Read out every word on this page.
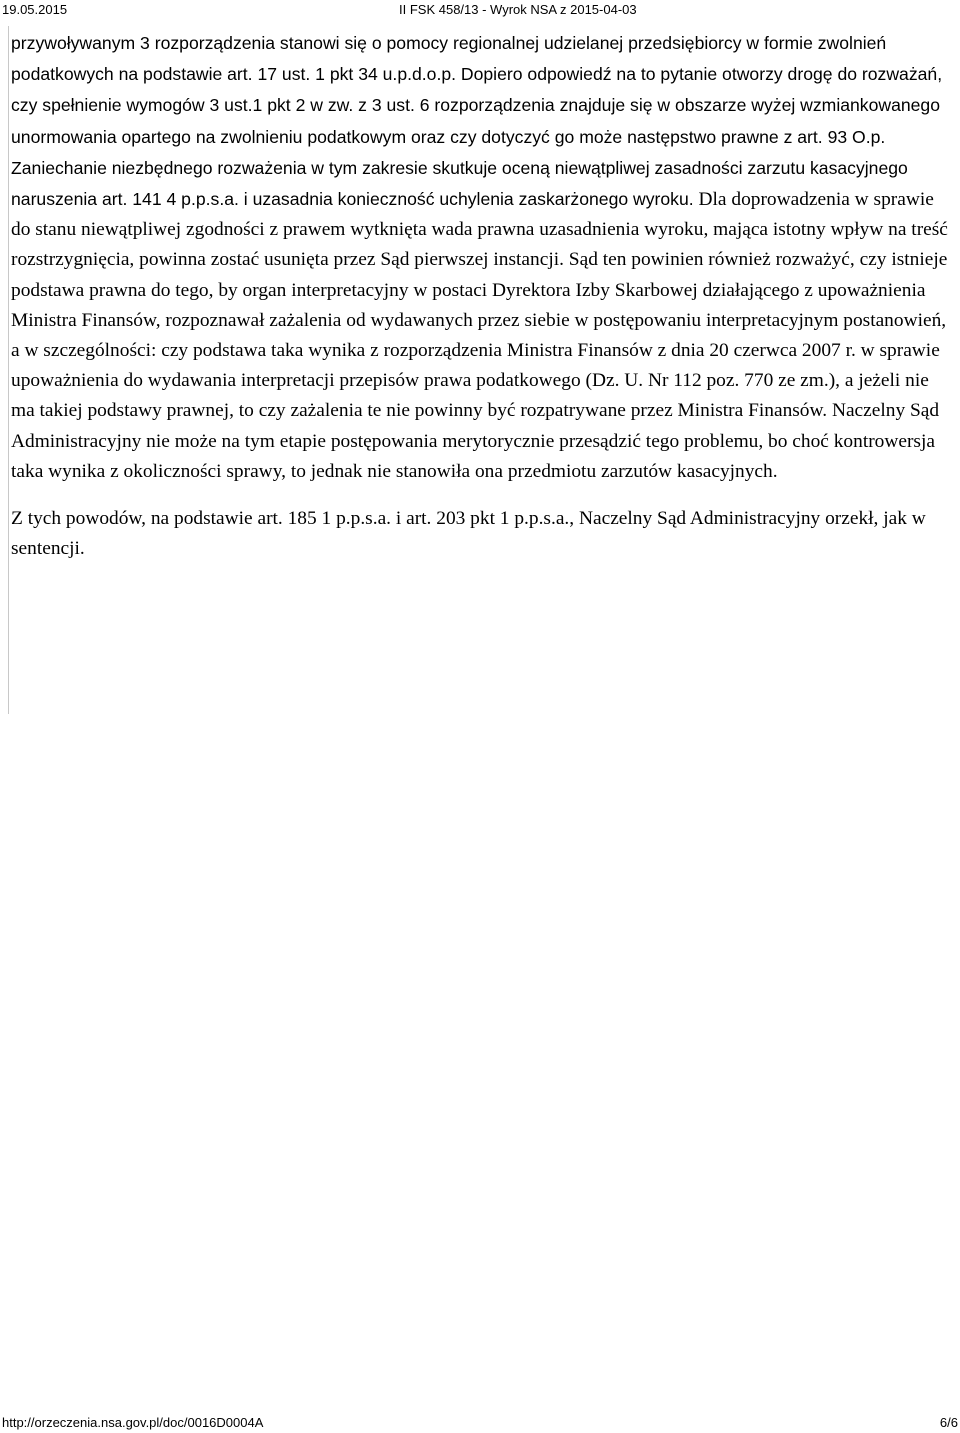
19.05.2015	II FSK 458/13 - Wyrok NSA z 2015-04-03

przywoływanym 3 rozporządzenia stanowi się o pomocy regionalnej udzielanej przedsiębiorcy w formie zwolnień podatkowych na podstawie art. 17 ust. 1 pkt 34 u.p.d.o.p. Dopiero odpowiedź na to pytanie otworzy drogę do rozważań, czy spełnienie wymogów 3 ust.1 pkt 2 w zw. z 3 ust. 6 rozporządzenia znajduje się w obszarze wyżej wzmiankowanego unormowania opartego na zwolnieniu podatkowym oraz czy dotyczyć go może następstwo prawne z art. 93 O.p. Zaniechanie niezbędnego rozważenia w tym zakresie skutkuje oceną niewątpliwej zasadności zarzutu kasacyjnego naruszenia art. 141 4 p.p.s.a. i uzasadnia konieczność uchylenia zaskarżonego wyroku. Dla doprowadzenia w sprawie do stanu niewątpliwej zgodności z prawem wytknięta wada prawna uzasadnienia wyroku, mająca istotny wpływ na treść rozstrzygnięcia, powinna zostać usunięta przez Sąd pierwszej instancji. Sąd ten powinien również rozważyć, czy istnieje podstawa prawna do tego, by organ interpretacyjny w postaci Dyrektora Izby Skarbowej działającego z upoważnienia Ministra Finansów, rozpoznawał zażalenia od wydawanych przez siebie w postępowaniu interpretacyjnym postanowień, a w szczególności: czy podstawa taka wynika z rozporządzenia Ministra Finansów z dnia 20 czerwca 2007 r. w sprawie upoważnienia do wydawania interpretacji przepisów prawa podatkowego (Dz. U. Nr 112 poz. 770 ze zm.), a jeżeli nie ma takiej podstawy prawnej, to czy zażalenia te nie powinny być rozpatrywane przez Ministra Finansów. Naczelny Sąd Administracyjny nie może na tym etapie postępowania merytorycznie przesądzić tego problemu, bo choć kontrowersja taka wynika z okoliczności sprawy, to jednak nie stanowiła ona przedmiotu zarzutów kasacyjnych.

Z tych powodów, na podstawie art. 185 1 p.p.s.a. i art. 203 pkt 1 p.p.s.a., Naczelny Sąd Administracyjny orzekł, jak w sentencji.

http://orzeczenia.nsa.gov.pl/doc/0016D0004A	6/6
